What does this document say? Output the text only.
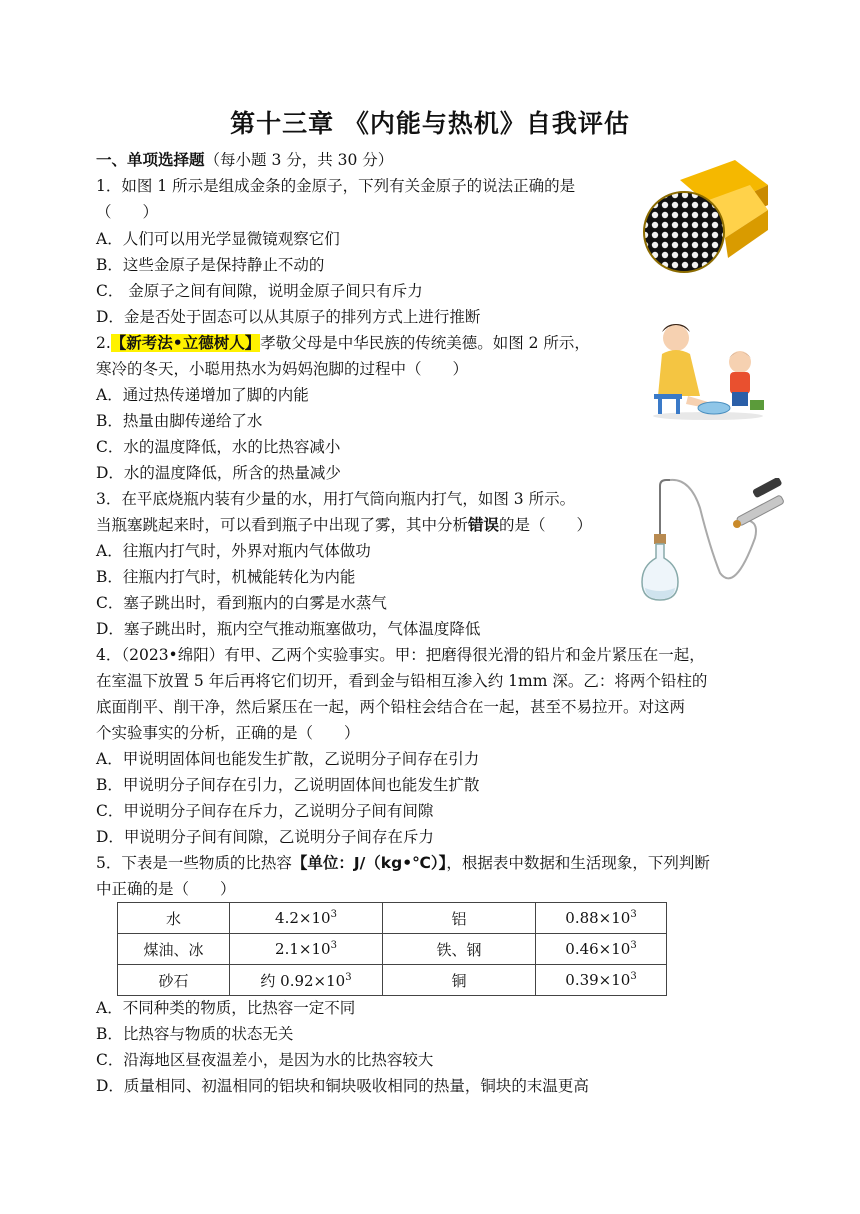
第十三章 《内能与热机》自我评估
一、单项选择题（每小题 3 分，共 30 分）
1．如图 1 所示是组成金条的金原子，下列有关金原子的说法正确的是
（　　）
A．人们可以用光学显微镜观察它们
B．这些金原子是保持静止不动的
C． 金原子之间有间隙，说明金原子间只有斥力
D．金是否处于固态可以从其原子的排列方式上进行推断
2.【新考法•立德树人】孝敬父母是中华民族的传统美德。如图 2 所示，
寒冷的冬天，小聪用热水为妈妈泡脚的过程中（　　）
A．通过热传递增加了脚的内能
B．热量由脚传递给了水
C．水的温度降低，水的比热容减小
D．水的温度降低，所含的热量减少
3．在平底烧瓶内装有少量的水，用打气筒向瓶内打气，如图 3 所示。
当瓶塞跳起来时，可以看到瓶子中出现了雾，其中分析错误的是（　　）
A．往瓶内打气时，外界对瓶内气体做功
B．往瓶内打气时，机械能转化为内能
C．塞子跳出时，看到瓶内的白雾是水蒸气
D．塞子跳出时，瓶内空气推动瓶塞做功，气体温度降低
4．（2023•绵阳）有甲、乙两个实验事实。甲：把磨得很光滑的铅片和金片紧压在一起，
在室温下放置 5 年后再将它们切开，看到金与铅相互渗入约 1mm 深。乙：将两个铅柱的
底面削平、削干净，然后紧压在一起，两个铅柱会结合在一起，甚至不易拉开。对这两
个实验事实的分析，正确的是（　　）
A．甲说明固体间也能发生扩散，乙说明分子间存在引力
B．甲说明分子间存在引力，乙说明固体间也能发生扩散
C．甲说明分子间存在斥力，乙说明分子间有间隙
D．甲说明分子间有间隙，乙说明分子间存在斥力
5．下表是一些物质的比热容【单位：J/（kg•℃）】，根据表中数据和生活现象，下列判断
中正确的是（　　）
水	$4.2\times 10^3$	铝	$0.88\times 10^3$
煤油、冰	$2.1\times 10^3$	铁、钢	$0.46\times 10^3$
砂石	约 $0.92\times 10^3$	铜	$0.39\times 10^3$
A．不同种类的物质，比热容一定不同
B．比热容与物质的状态无关
C．沿海地区昼夜温差小，是因为水的比热容较大
D．质量相同、初温相同的铝块和铜块吸收相同的热量，铜块的末温更高
